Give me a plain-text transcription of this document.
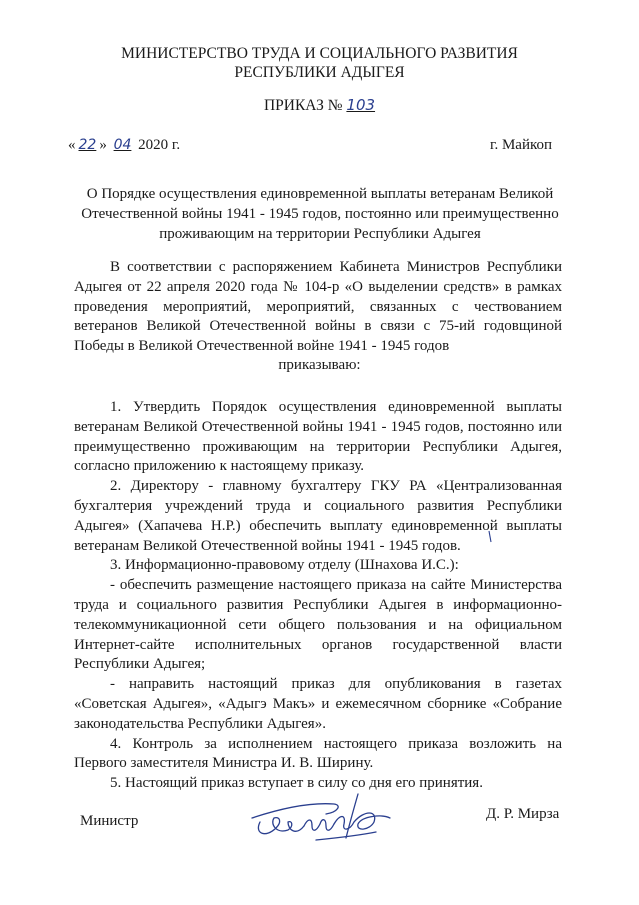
МИНИСТЕРСТВО ТРУДА И СОЦИАЛЬНОГО РАЗВИТИЯ
РЕСПУБЛИКИ АДЫГЕЯ
ПРИКАЗ № 103
« 22 » 04 2020 г.	г. Майкоп
О Порядке осуществления единовременной выплаты ветеранам Великой
Отечественной войны 1941 - 1945 годов, постоянно или преимущественно
проживающим на территории Республики Адыгея

В соответствии с распоряжением Кабинета Министров Республики Адыгея от 22 апреля 2020 года № 104-р «О выделении средств» в рамках проведения мероприятий, мероприятий, связанных с чествованием ветеранов Великой Отечественной войны в связи с 75-ий годовщиной Победы в Великой Отечественной войне 1941 - 1945 годов

приказываю:

1. Утвердить Порядок осуществления единовременной выплаты ветеранам Великой Отечественной войны 1941 - 1945 годов, постоянно или преимущественно проживающим на территории Республики Адыгея, согласно приложению к настоящему приказу.

2. Директору - главному бухгалтеру ГКУ РА «Централизованная бухгалтерия учреждений труда и социального развития Республики Адыгея» (Хапачева Н.Р.) обеспечить выплату единовременной выплаты ветеранам Великой Отечественной войны 1941 - 1945 годов.

3. Информационно-правовому отделу (Шнахова И.С.):

- обеспечить размещение настоящего приказа на сайте Министерства труда и социального развития Республики Адыгея в информационно-телекоммуникационной сети общего пользования и на официальном Интернет-сайте исполнительных органов государственной власти Республики Адыгея;

- направить настоящий приказ для опубликования в газетах «Советская Адыгея», «Адыгэ Макъ» и ежемесячном сборнике «Собрание законодательства Республики Адыгея».

4. Контроль за исполнением настоящего приказа возложить на Первого заместителя Министра И. В. Ширину.

5. Настоящий приказ вступает в силу со дня его принятия.

Министр	Д. Р. Мирза
